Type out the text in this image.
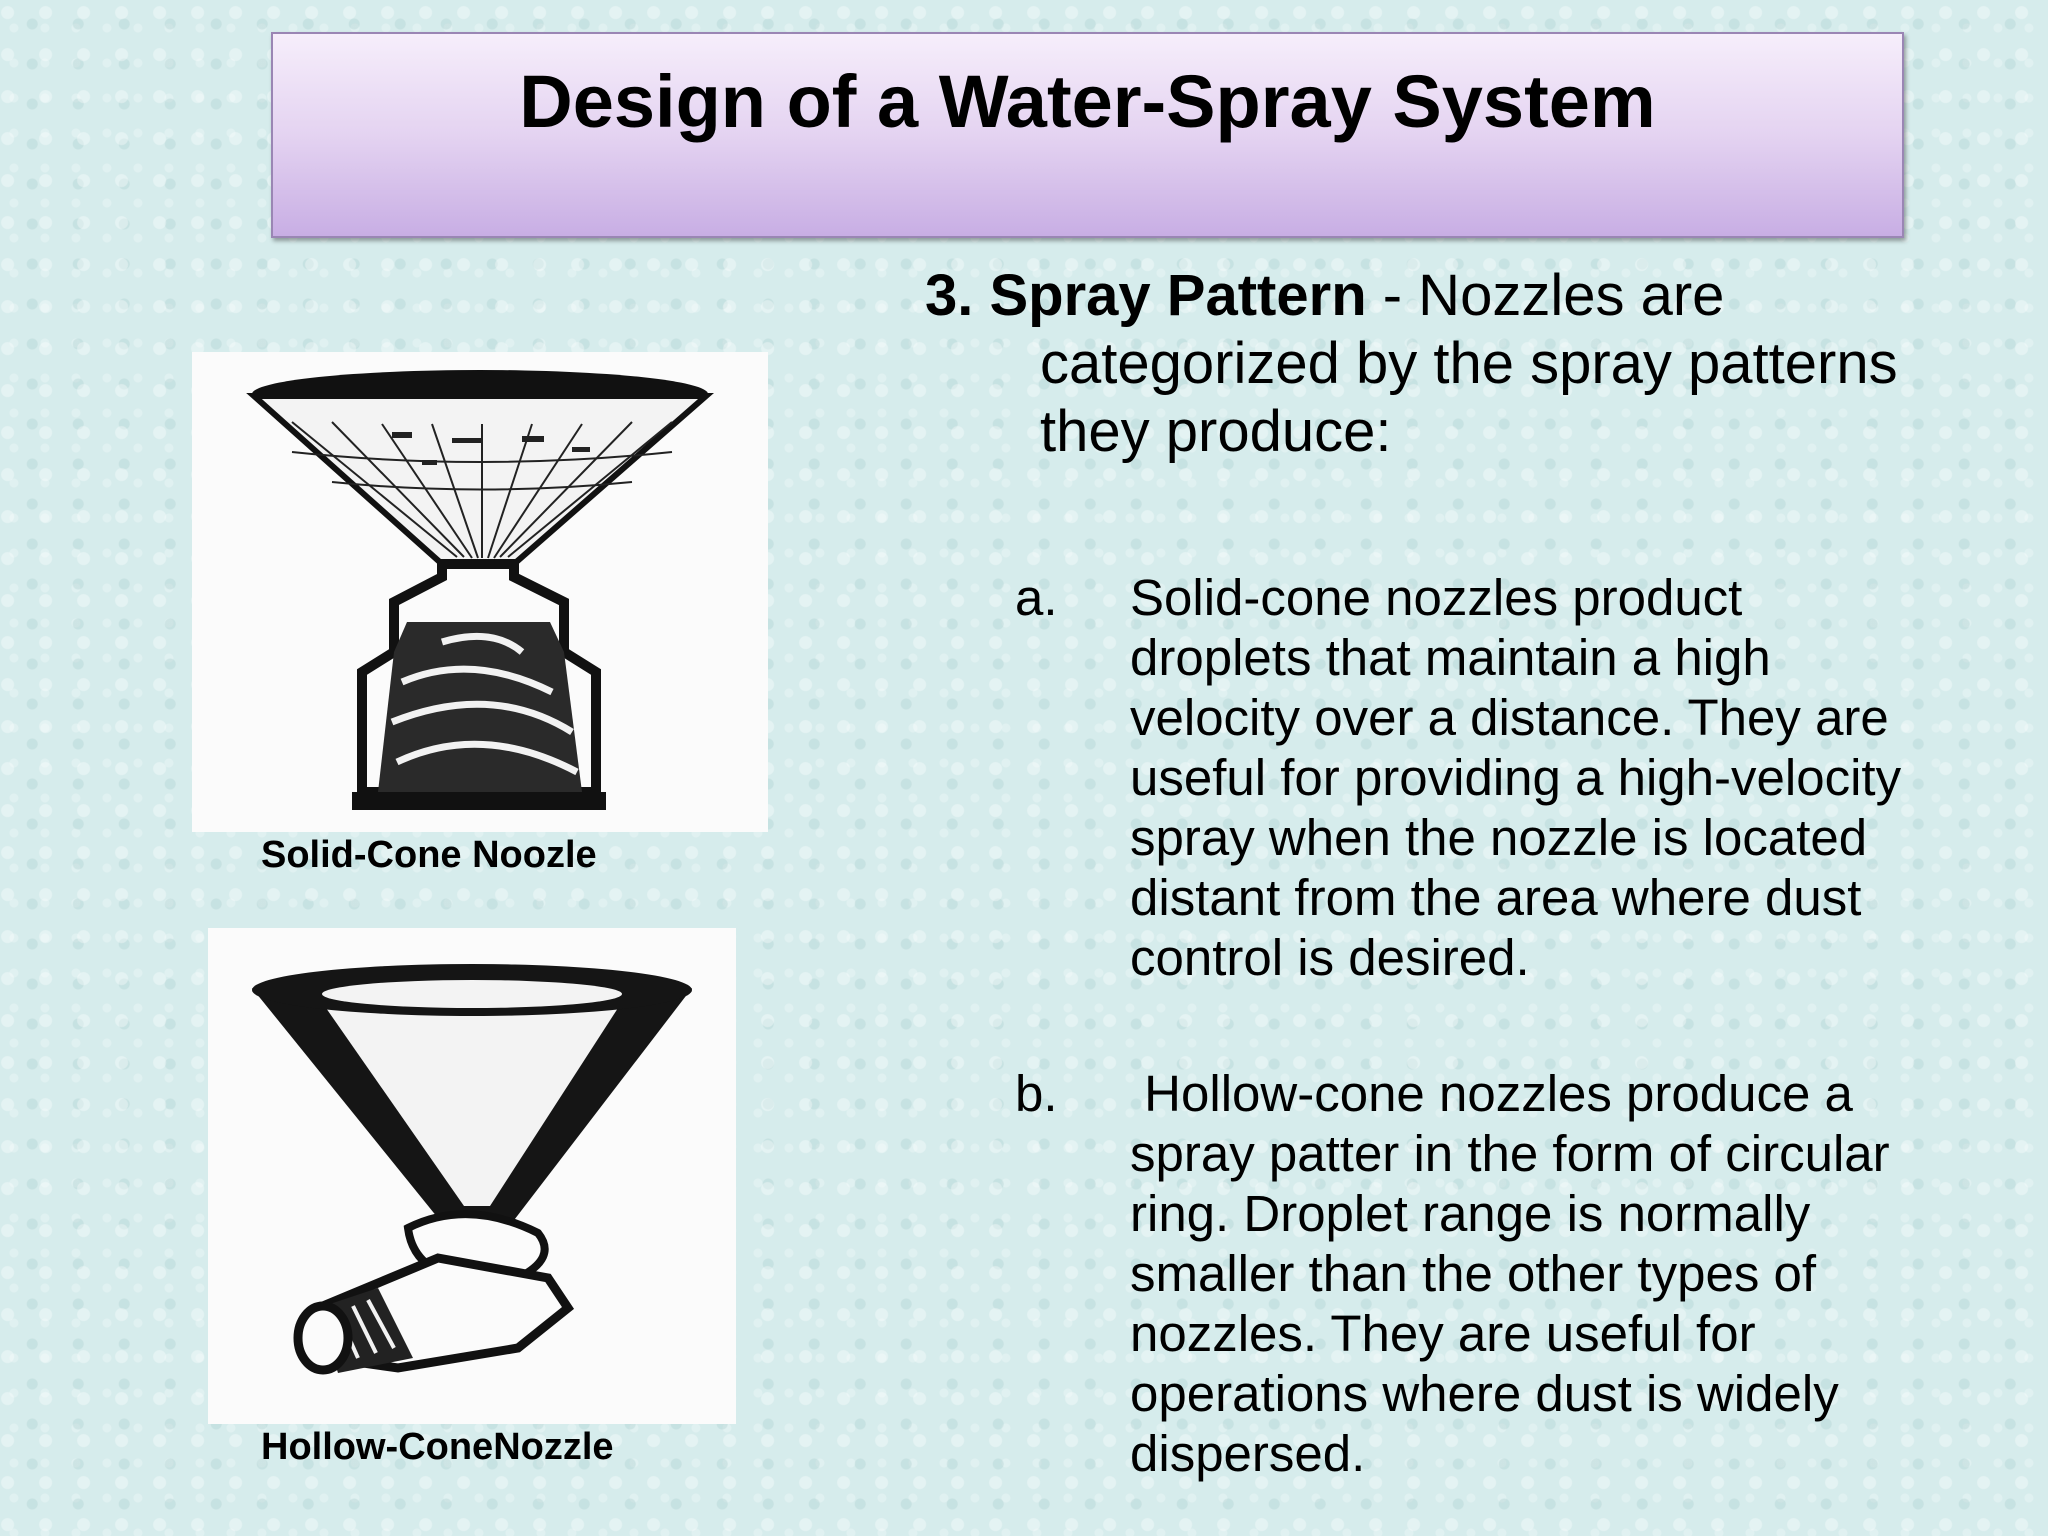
Design of a Water-Spray System
Solid-Cone Noozle
Hollow-ConeNozzle
3. Spray Pattern - Nozzles are
categorized by the spray patterns
they produce:
a. Solid-cone nozzles product
droplets that maintain a high
velocity over a distance. They are
useful for providing a high-velocity
spray when the nozzle is located
distant from the area where dust
control is desired.
b. Hollow-cone nozzles produce a
spray patter in the form of circular
ring. Droplet range is normally
smaller than the other types of
nozzles. They are useful for
operations where dust is widely
dispersed.
